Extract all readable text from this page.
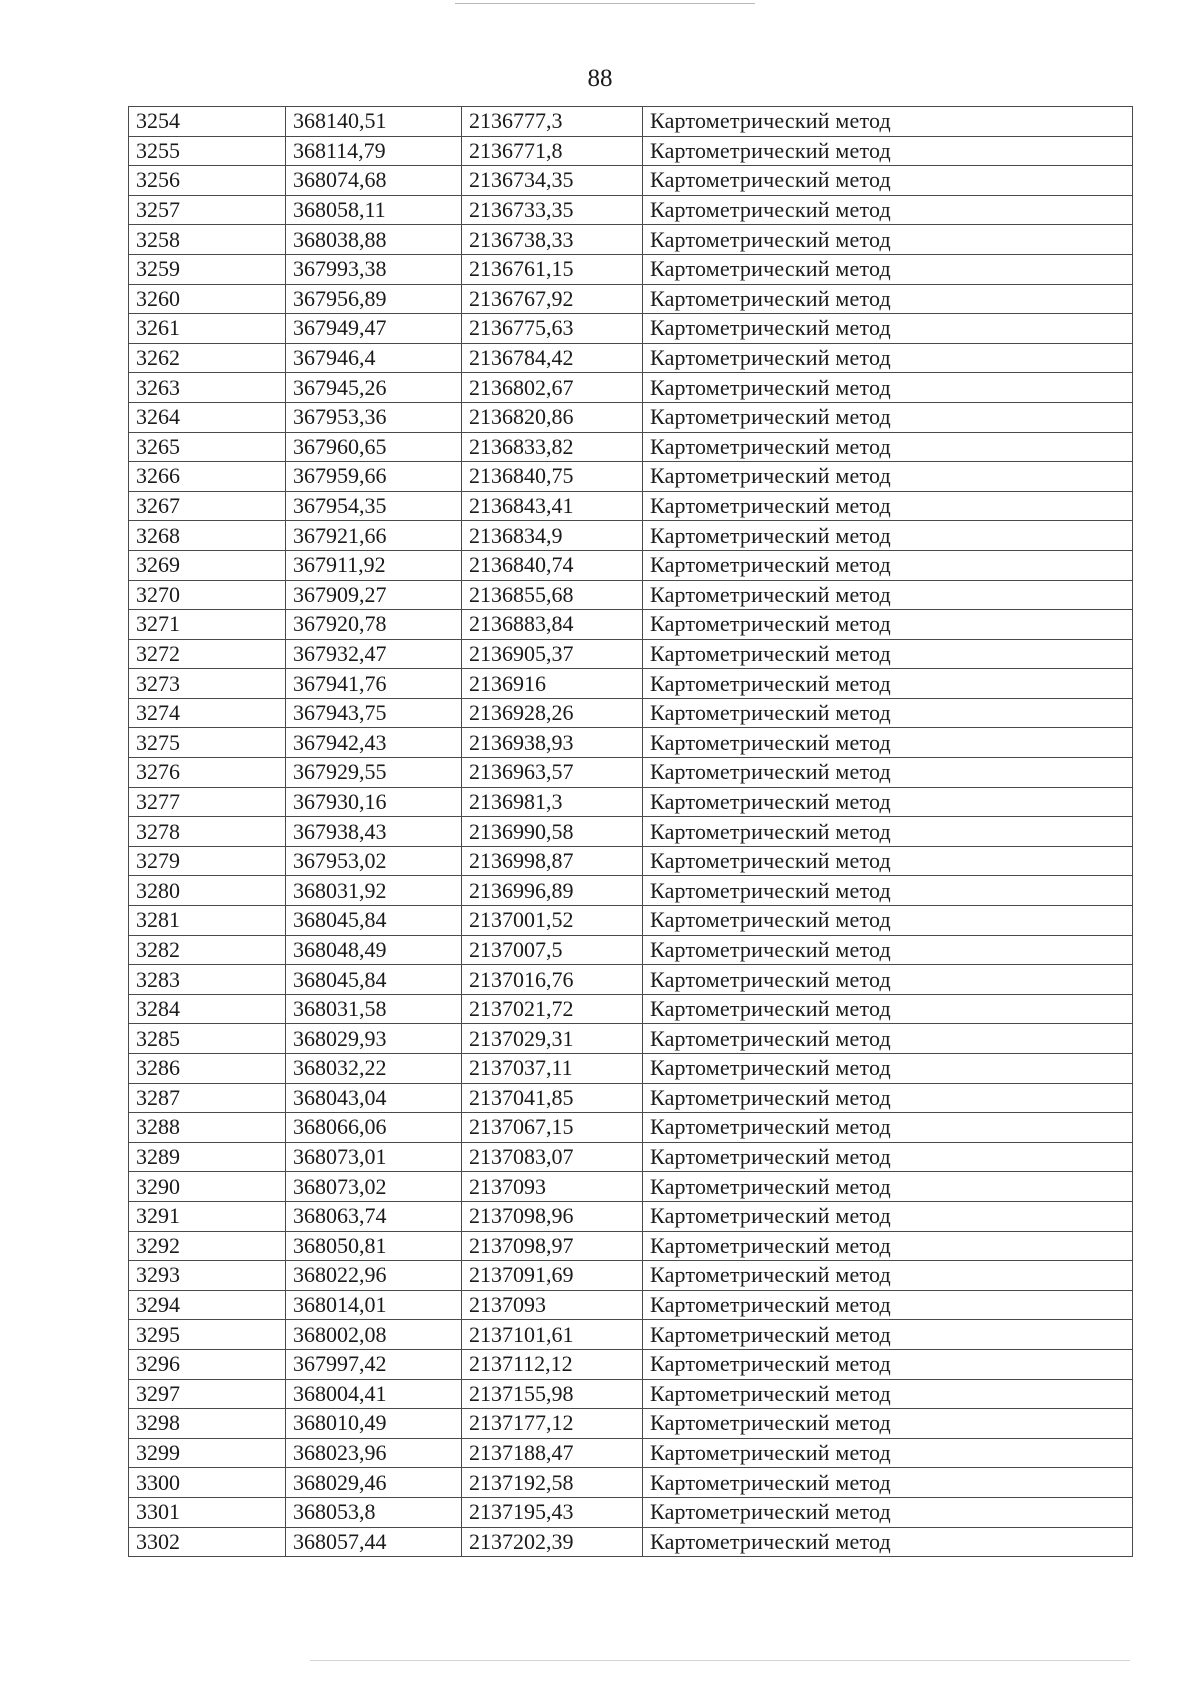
88
3254	368140,51	2136777,3	Картометрический метод
3255	368114,79	2136771,8	Картометрический метод
3256	368074,68	2136734,35	Картометрический метод
3257	368058,11	2136733,35	Картометрический метод
3258	368038,88	2136738,33	Картометрический метод
3259	367993,38	2136761,15	Картометрический метод
3260	367956,89	2136767,92	Картометрический метод
3261	367949,47	2136775,63	Картометрический метод
3262	367946,4	2136784,42	Картометрический метод
3263	367945,26	2136802,67	Картометрический метод
3264	367953,36	2136820,86	Картометрический метод
3265	367960,65	2136833,82	Картометрический метод
3266	367959,66	2136840,75	Картометрический метод
3267	367954,35	2136843,41	Картометрический метод
3268	367921,66	2136834,9	Картометрический метод
3269	367911,92	2136840,74	Картометрический метод
3270	367909,27	2136855,68	Картометрический метод
3271	367920,78	2136883,84	Картометрический метод
3272	367932,47	2136905,37	Картометрический метод
3273	367941,76	2136916	Картометрический метод
3274	367943,75	2136928,26	Картометрический метод
3275	367942,43	2136938,93	Картометрический метод
3276	367929,55	2136963,57	Картометрический метод
3277	367930,16	2136981,3	Картометрический метод
3278	367938,43	2136990,58	Картометрический метод
3279	367953,02	2136998,87	Картометрический метод
3280	368031,92	2136996,89	Картометрический метод
3281	368045,84	2137001,52	Картометрический метод
3282	368048,49	2137007,5	Картометрический метод
3283	368045,84	2137016,76	Картометрический метод
3284	368031,58	2137021,72	Картометрический метод
3285	368029,93	2137029,31	Картометрический метод
3286	368032,22	2137037,11	Картометрический метод
3287	368043,04	2137041,85	Картометрический метод
3288	368066,06	2137067,15	Картометрический метод
3289	368073,01	2137083,07	Картометрический метод
3290	368073,02	2137093	Картометрический метод
3291	368063,74	2137098,96	Картометрический метод
3292	368050,81	2137098,97	Картометрический метод
3293	368022,96	2137091,69	Картометрический метод
3294	368014,01	2137093	Картометрический метод
3295	368002,08	2137101,61	Картометрический метод
3296	367997,42	2137112,12	Картометрический метод
3297	368004,41	2137155,98	Картометрический метод
3298	368010,49	2137177,12	Картометрический метод
3299	368023,96	2137188,47	Картометрический метод
3300	368029,46	2137192,58	Картометрический метод
3301	368053,8	2137195,43	Картометрический метод
3302	368057,44	2137202,39	Картометрический метод
